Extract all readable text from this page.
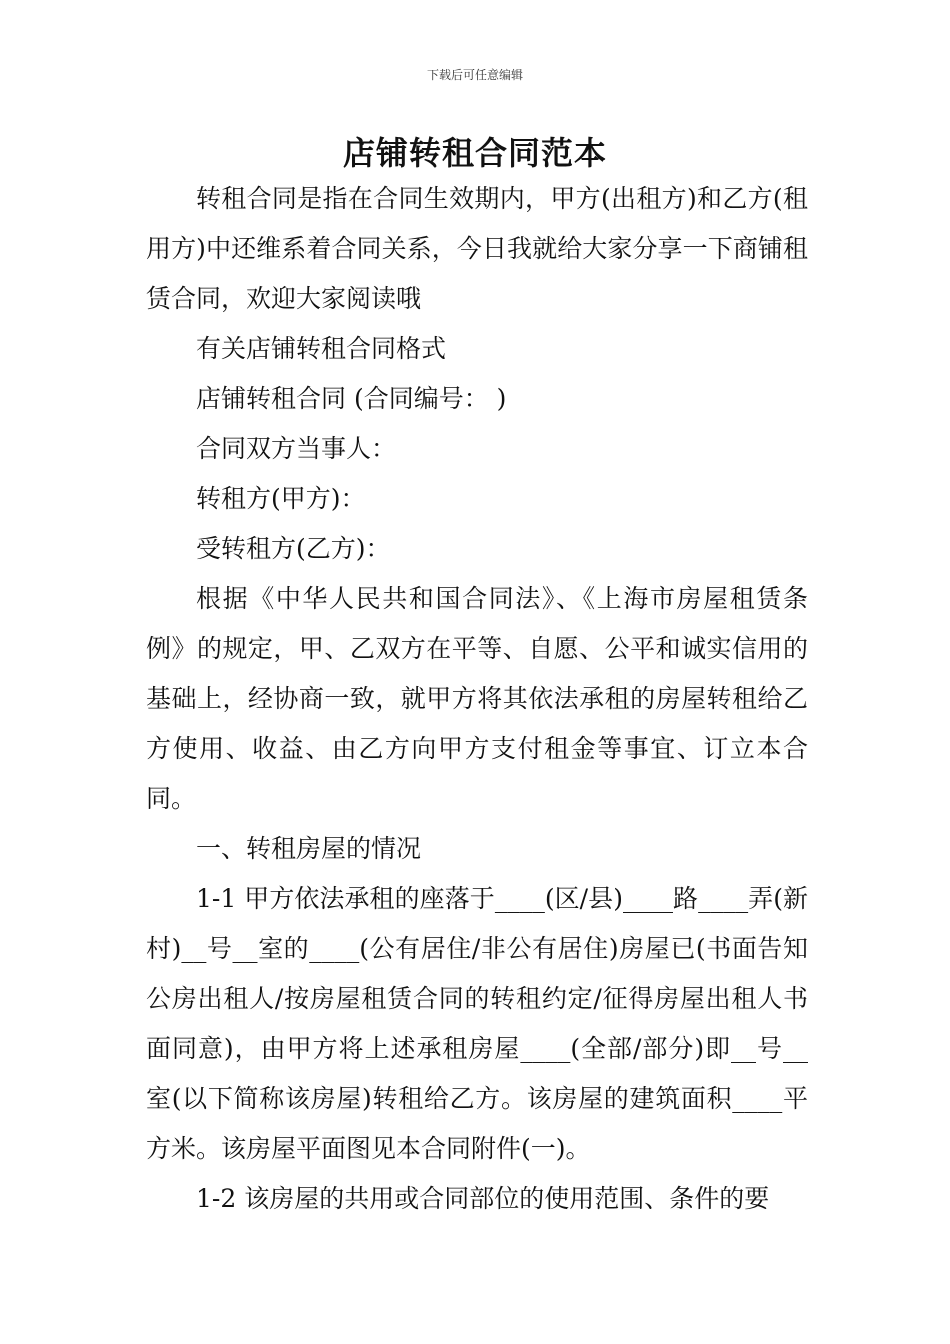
下载后可任意编辑
店铺转租合同范本

转租合同是指在合同生效期内，甲方(出租方)和乙方(租用方)中还维系着合同关系，今日我就给大家分享一下商铺租赁合同，欢迎大家阅读哦

有关店铺转租合同格式

店铺转租合同 (合同编号： )

合同双方当事人：

转租方(甲方)：

受转租方(乙方)：

根据《中华人民共和国合同法》、《上海市房屋租赁条例》的规定，甲、乙双方在平等、自愿、公平和诚实信用的基础上，经协商一致，就甲方将其依法承租的房屋转租给乙方使用、收益、由乙方向甲方支付租金等事宜、订立本合同。

一、转租房屋的情况

1-1 甲方依法承租的座落于____(区/县)____路____弄(新村)__号__室的____(公有居住/非公有居住)房屋已(书面告知公房出租人/按房屋租赁合同的转租约定/征得房屋出租人书面同意)，由甲方将上述承租房屋____(全部/部分)即__号__室(以下简称该房屋)转租给乙方。该房屋的建筑面积____平方米。该房屋平面图见本合同附件(一)。

1-2 该房屋的共用或合同部位的使用范围、条件的要
